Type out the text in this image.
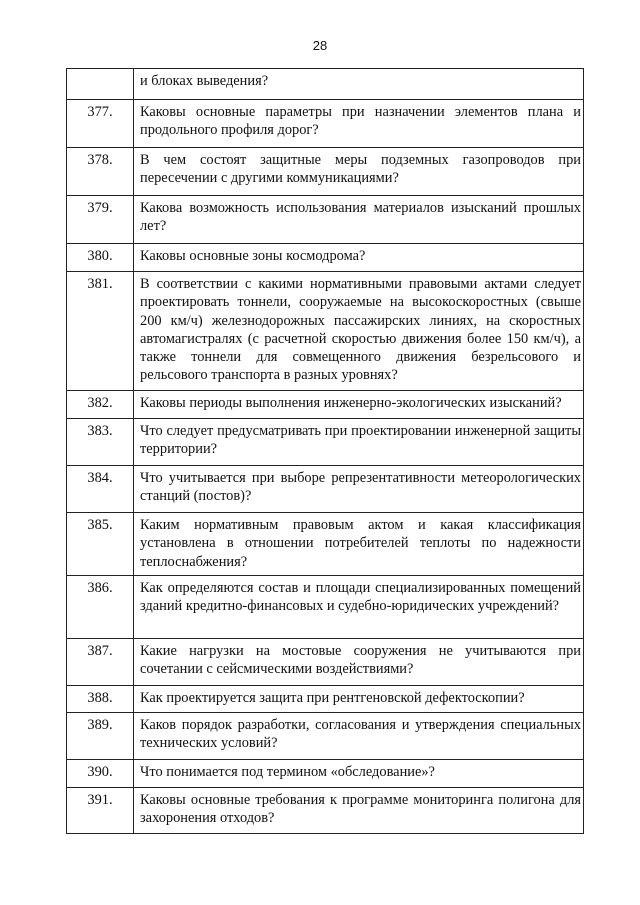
28
	и блоках выведения?
377.	Каковы основные параметры при назначении элементов плана и продольного профиля дорог?
378.	В чем состоят защитные меры подземных газопроводов при пересечении с другими коммуникациями?
379.	Какова возможность использования материалов изысканий прошлых лет?
380.	Каковы основные зоны космодрома?
381.	В соответствии с какими нормативными правовыми актами следует проектировать тоннели, сооружаемые на высокоскоростных (свыше 200 км/ч) железнодорожных пассажирских линиях, на скоростных автомагистралях (с расчетной скоростью движения более 150 км/ч), а также тоннели для совмещенного движения безрельсового и рельсового транспорта в разных уровнях?
382.	Каковы периоды выполнения инженерно-экологических изысканий?
383.	Что следует предусматривать при проектировании инженерной защиты территории?
384.	Что учитывается при выборе репрезентативности метеорологических станций (постов)?
385.	Каким нормативным правовым актом и какая классификация установлена в отношении потребителей теплоты по надежности теплоснабжения?
386.	Как определяются состав и площади специализированных помещений зданий кредитно-финансовых и судебно-юридических учреждений?
387.	Какие нагрузки на мостовые сооружения не учитываются при сочетании с сейсмическими воздействиями?
388.	Как проектируется защита при рентгеновской дефектоскопии?
389.	Каков порядок разработки, согласования и утверждения специальных технических условий?
390.	Что понимается под термином «обследование»?
391.	Каковы основные требования к программе мониторинга полигона для захоронения отходов?
